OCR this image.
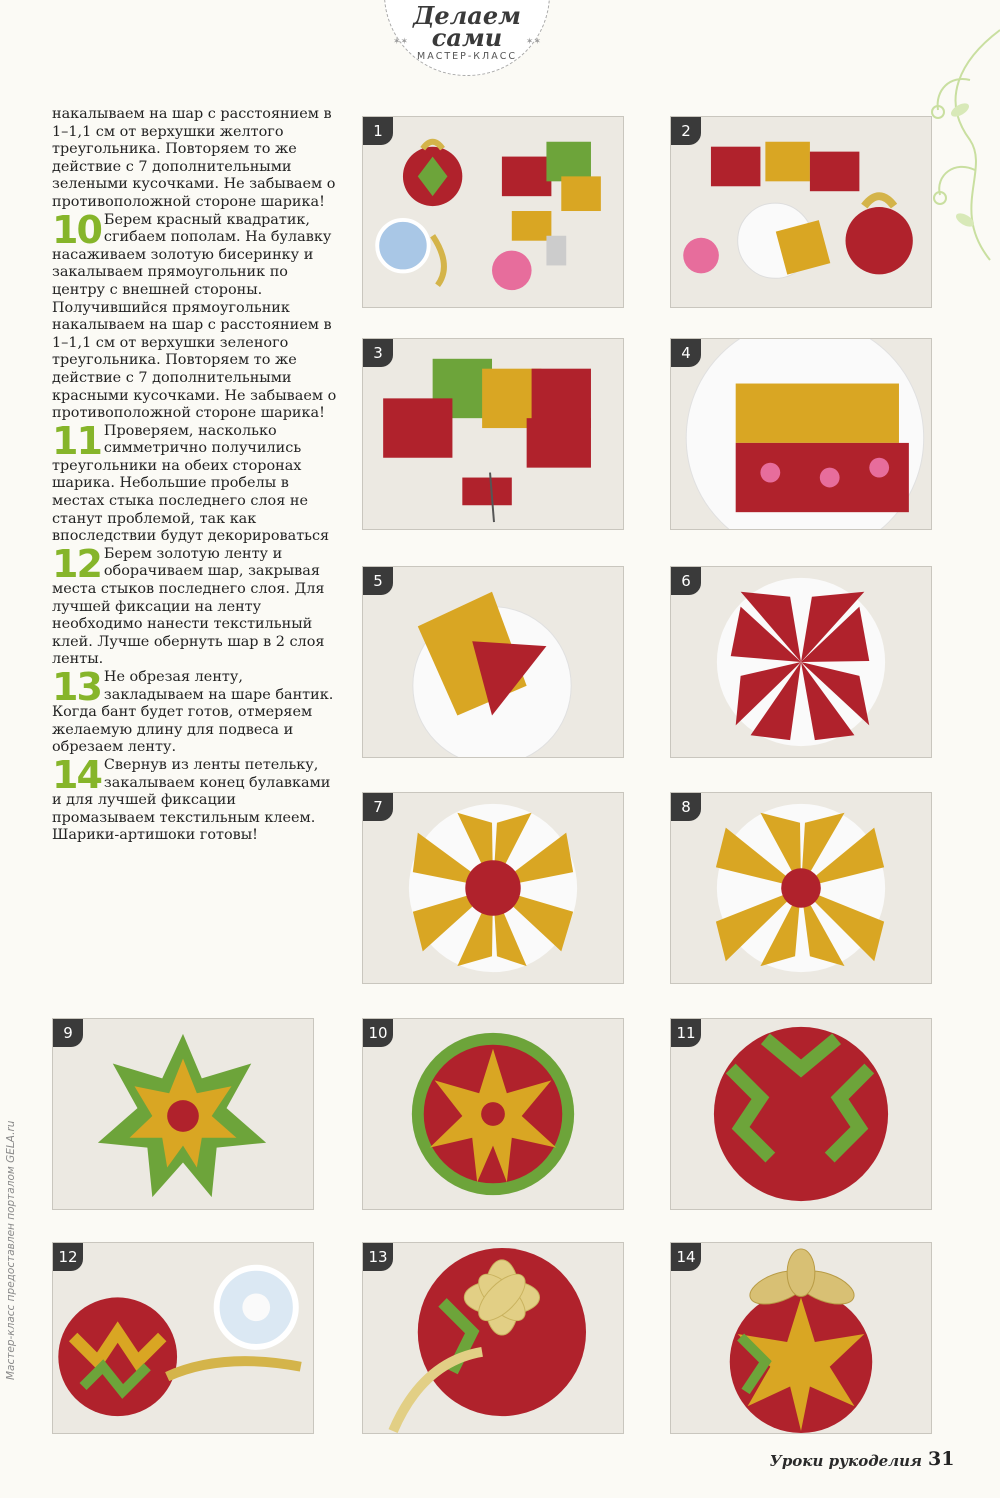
Делаем
сами
МАСТЕР-КЛАСС
✶✶	✶✶

накалываем на шар с расстоянием в 1–1,1 см от верхушки желтого треугольника. Повторяем то же действие с 7 дополнительными зелеными кусочками. Не забываем о противоположной стороне шарика!

10 Берем красный квадратик, сгибаем пополам. На булавку насаживаем золотую бисеринку и закалываем прямоугольник по центру с внешней стороны. Получившийся прямоугольник накалываем на шар с расстоянием в 1–1,1 см от верхушки зеленого треугольника. Повторяем то же действие с 7 дополнительными красными кусочками. Не забываем о противоположной стороне шарика!
11 Проверяем, насколько симметрично получились треугольники на обеих сторонах шарика. Небольшие пробелы в местах стыка последнего слоя не станут проблемой, так как впоследствии будут декорироваться
12 Берем золотую ленту и оборачиваем шар, закрывая места стыков последнего слоя. Для лучшей фиксации на ленту необходимо нанести текстильный клей. Лучше обернуть шар в 2 слоя ленты.
13 Не обрезая ленту, закладываем на шаре бантик. Когда бант будет готов, отмеряем желаемую длину для подвеса и обрезаем ленту.
14 Свернув из ленты петельку, закалываем конец булавками и для лучшей фиксации промазываем текстильным клеем. Шарики-артишоки готовы!
1	2
3	4
5	6
7	8
9	10	11
12	13	14
Мастер-класс предоставлен порталом GELA.ru
Уроки рукоделия 31
